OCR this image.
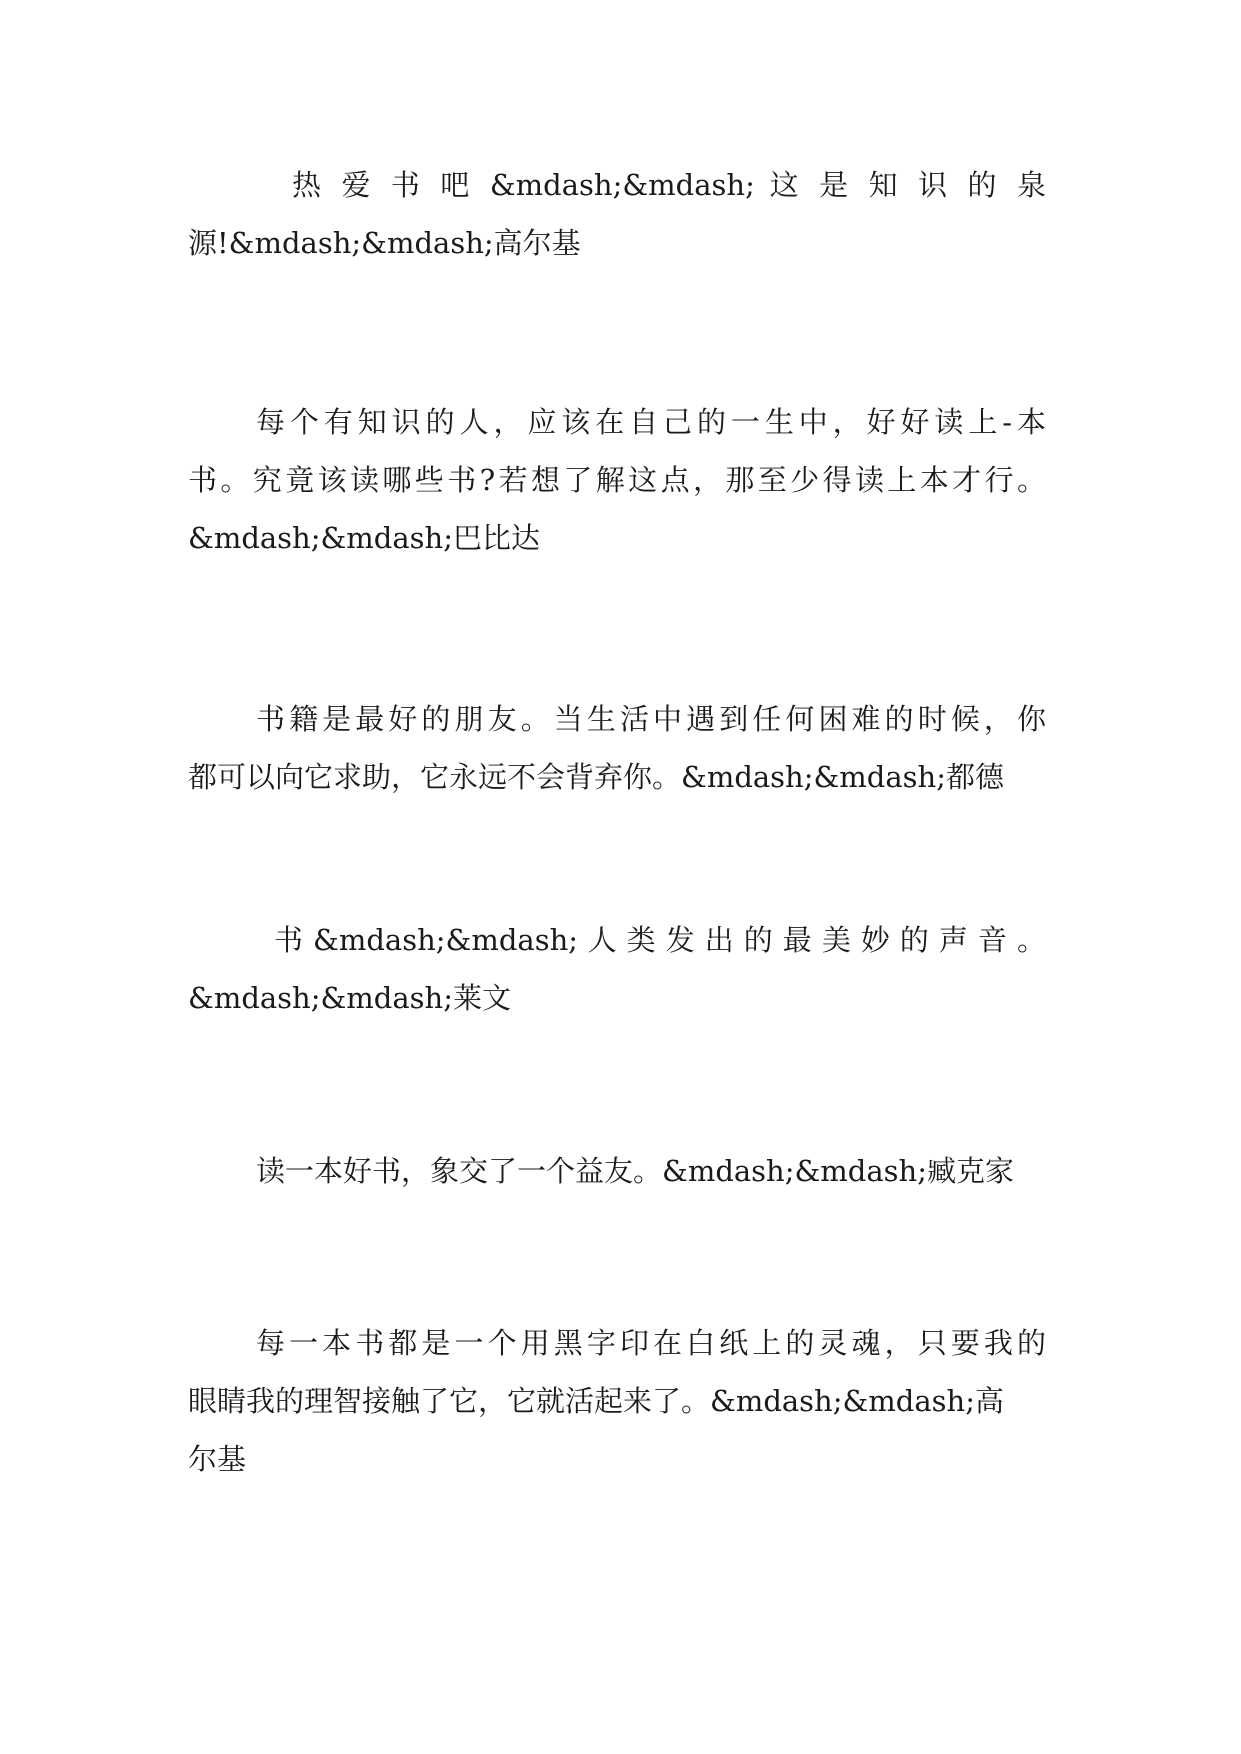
热 爱 书 吧 &mdash;&mdash; 这 是 知 识 的 泉
源!&mdash;&mdash;高尔基
每个有知识的人，应该在自己的一生中，好好读上-本
书。究竟该读哪些书?若想了解这点，那至少得读上本才行。
&mdash;&mdash;巴比达
书籍是最好的朋友。当生活中遇到任何困难的时候，你
都可以向它求助，它永远不会背弃你。&mdash;&mdash;都德
书 &mdash;&mdash; 人 类 发 出 的 最 美 妙 的 声 音 。
&mdash;&mdash;莱文
读一本好书，象交了一个益友。&mdash;&mdash;臧克家
每一本书都是一个用黑字印在白纸上的灵魂，只要我的
眼睛我的理智接触了它，它就活起来了。&mdash;&mdash;高
尔基
